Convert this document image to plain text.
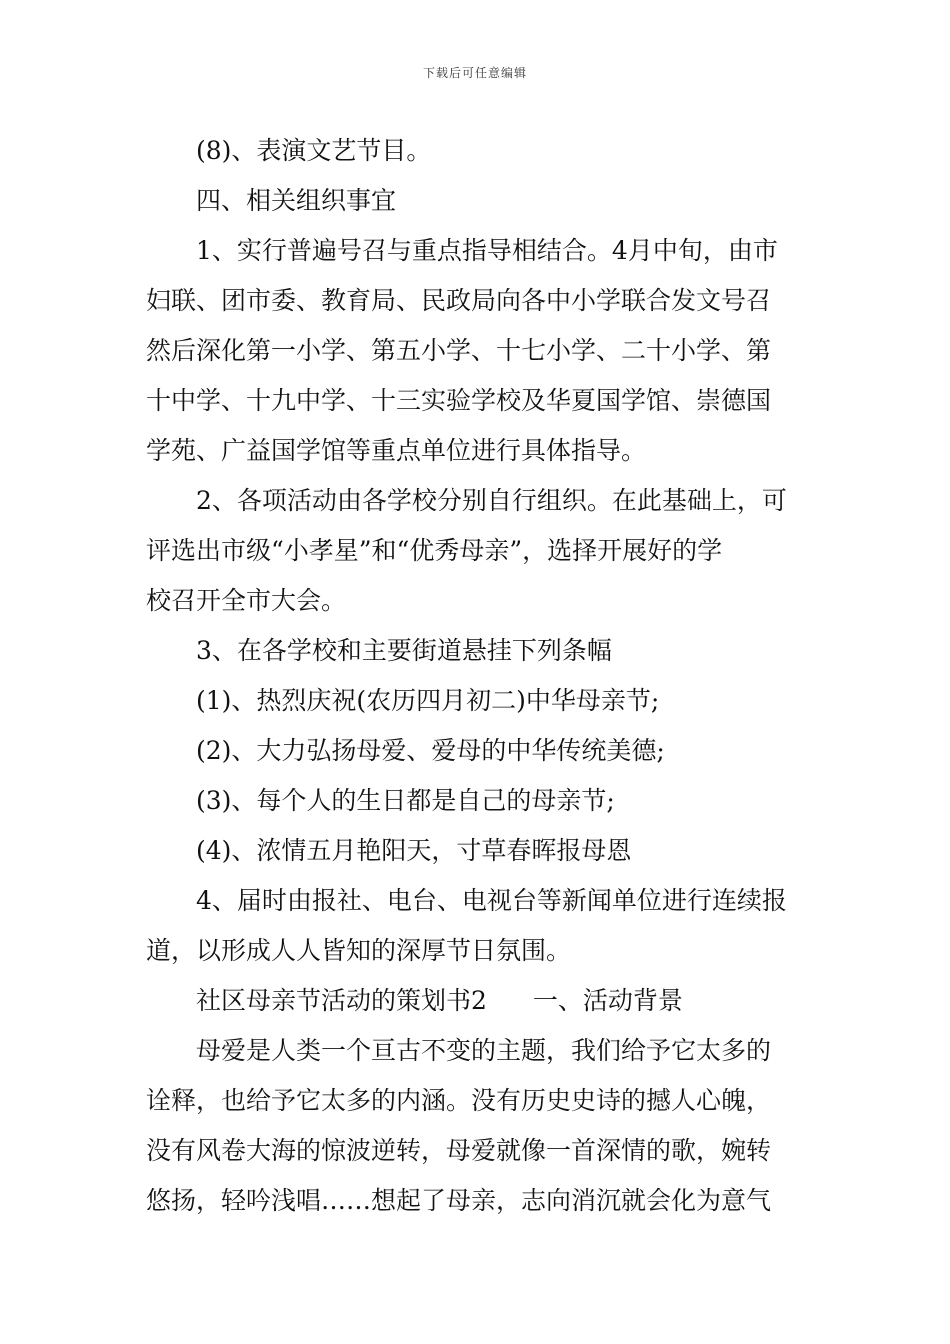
下载后可任意编辑
(8)、表演文艺节目。
四、相关组织事宜
1、实行普遍号召与重点指导相结合。4月中旬，由市
妇联、团市委、教育局、民政局向各中小学联合发文号召
然后深化第一小学、第五小学、十七小学、二十小学、第
十中学、十九中学、十三实验学校及华夏国学馆、崇德国
学苑、广益国学馆等重点单位进行具体指导。
2、各项活动由各学校分别自行组织。在此基础上，可
评选出市级“小孝星”和“优秀母亲”，选择开展好的学
校召开全市大会。
3、在各学校和主要街道悬挂下列条幅
(1)、热烈庆祝(农历四月初二)中华母亲节;
(2)、大力弘扬母爱、爱母的中华传统美德;
(3)、每个人的生日都是自己的母亲节;
(4)、浓情五月艳阳天，寸草春晖报母恩
4、届时由报社、电台、电视台等新闻单位进行连续报
道，以形成人人皆知的深厚节日氛围。
社区母亲节活动的策划书2 一、活动背景
母爱是人类一个亘古不变的主题，我们给予它太多的
诠释，也给予它太多的内涵。没有历史史诗的撼人心魄，
没有风卷大海的惊波逆转，母爱就像一首深情的歌，婉转
悠扬，轻吟浅唱……想起了母亲，志向消沉就会化为意气
